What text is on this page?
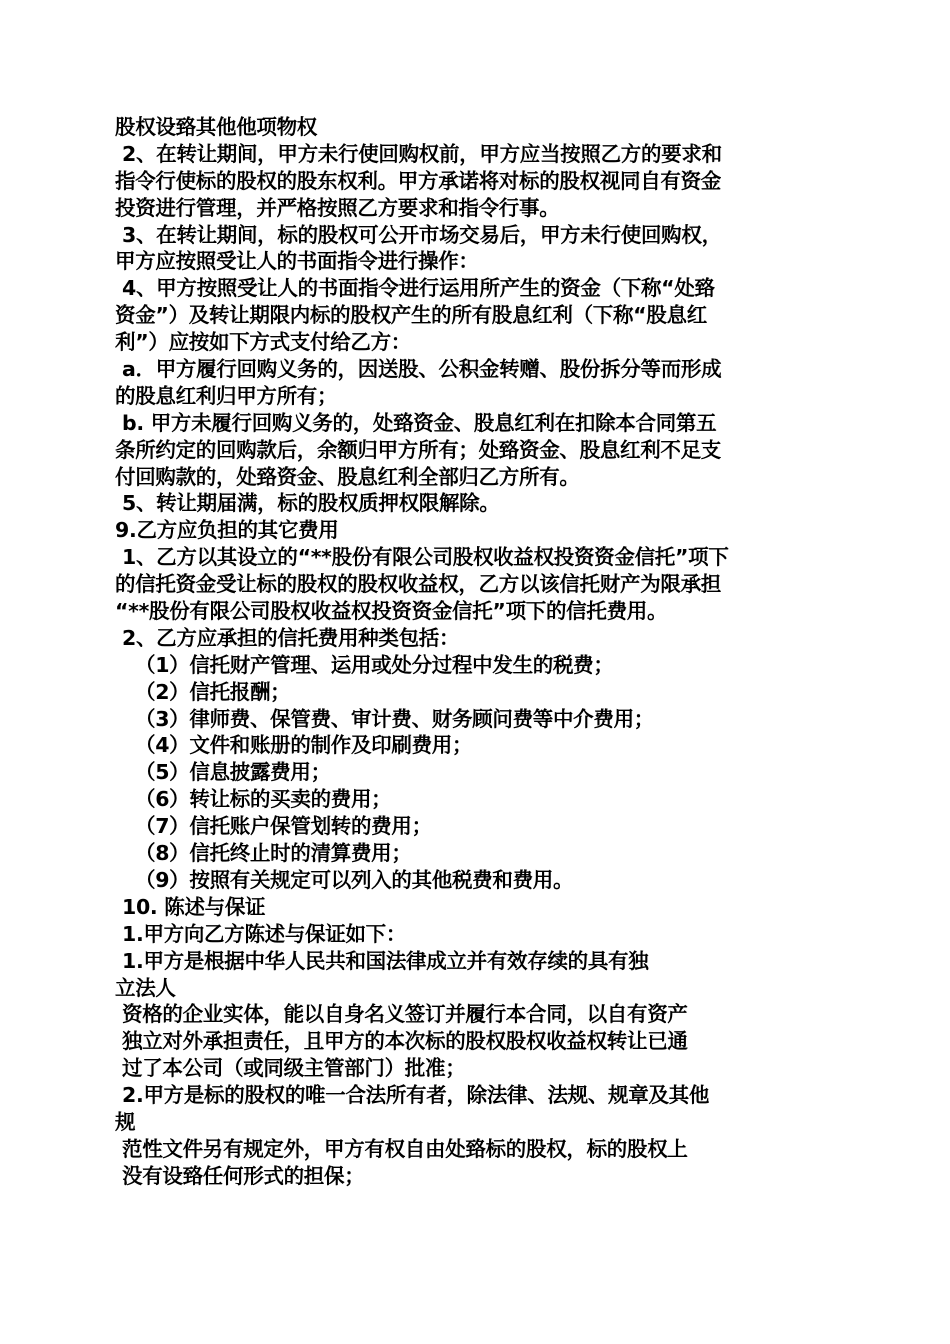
股权设臵其他他项物权
2、在转让期间，甲方未行使回购权前，甲方应当按照乙方的要求和
指令行使标的股权的股东权利。甲方承诺将对标的股权视同自有资金
投资进行管理，并严格按照乙方要求和指令行事。
3、在转让期间，标的股权可公开市场交易后，甲方未行使回购权，
甲方应按照受让人的书面指令进行操作：
4、甲方按照受让人的书面指令进行运用所产生的资金（下称“处臵
资金”）及转让期限内标的股权产生的所有股息红利（下称“股息红
利”）应按如下方式支付给乙方：
a．甲方履行回购义务的，因送股、公积金转赠、股份拆分等而形成
的股息红利归甲方所有；
b. 甲方未履行回购义务的，处臵资金、股息红利在扣除本合同第五
条所约定的回购款后，余额归甲方所有；处臵资金、股息红利不足支
付回购款的，处臵资金、股息红利全部归乙方所有。
5、转让期届满，标的股权质押权限解除。
9.乙方应负担的其它费用
1、乙方以其设立的“**股份有限公司股权收益权投资资金信托”项下
的信托资金受让标的股权的股权收益权，乙方以该信托财产为限承担
“**股份有限公司股权收益权投资资金信托”项下的信托费用。
2、乙方应承担的信托费用种类包括：
（1）信托财产管理、运用或处分过程中发生的税费；
（2）信托报酬；
（3）律师费、保管费、审计费、财务顾问费等中介费用；
（4）文件和账册的制作及印刷费用；
（5）信息披露费用；
（6）转让标的买卖的费用；
（7）信托账户保管划转的费用；
（8）信托终止时的清算费用；
（9）按照有关规定可以列入的其他税费和费用。
10. 陈述与保证
1.甲方向乙方陈述与保证如下：
1.甲方是根据中华人民共和国法律成立并有效存续的具有独
立法人
资格的企业实体，能以自身名义签订并履行本合同，以自有资产
独立对外承担责任，且甲方的本次标的股权股权收益权转让已通
过了本公司（或同级主管部门）批准；
2.甲方是标的股权的唯一合法所有者，除法律、法规、规章及其他
规
范性文件另有规定外，甲方有权自由处臵标的股权，标的股权上
没有设臵任何形式的担保；
